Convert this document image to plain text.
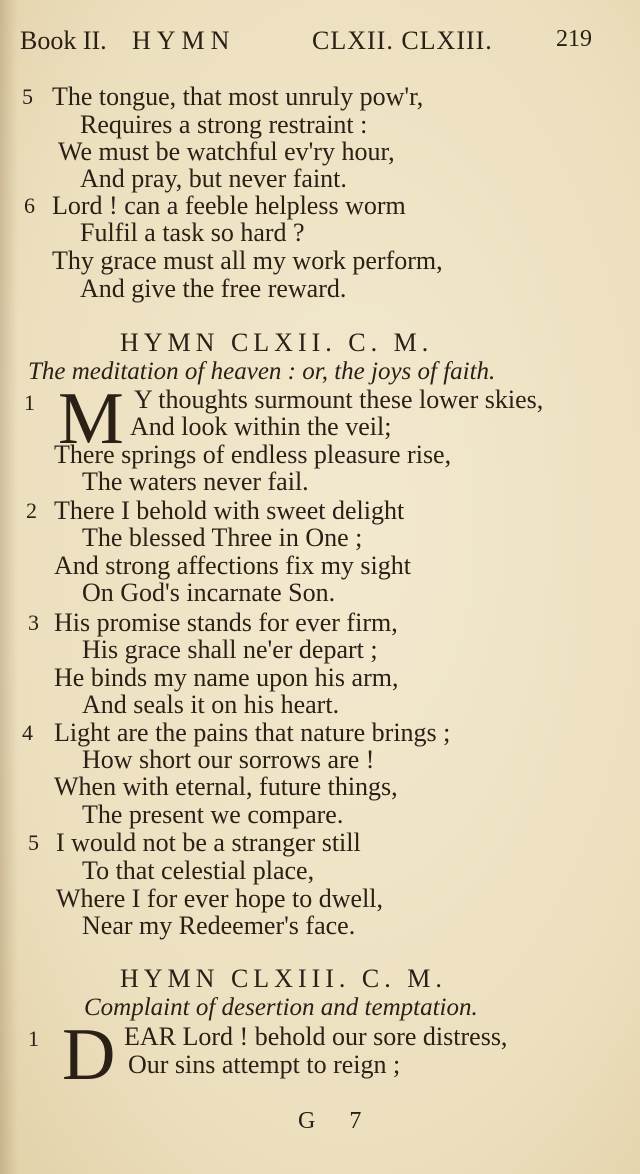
Book II. HYMN	CLXII. CLXIII.	219
5 The tongue, that most unruly pow'r,
Requires a strong restraint :
We must be watchful ev'ry hour,
And pray, but never faint.
6 Lord ! can a feeble helpless worm
Fulfil a task so hard ?
Thy grace must all my work perform,
And give the free reward.
HYMN CLXII. C. M.
The meditation of heaven : or, the joys of faith.
1 M Y thoughts surmount these lower skies,
And look within the veil;
There springs of endless pleasure rise,
The waters never fail.
2 There I behold with sweet delight
The blessed Three in One ;
And strong affections fix my sight
On God's incarnate Son.
3 His promise stands for ever firm,
His grace shall ne'er depart ;
He binds my name upon his arm,
And seals it on his heart.
4 Light are the pains that nature brings ;
How short our sorrows are !
When with eternal, future things,
The present we compare.
5 I would not be a stranger still
To that celestial place,
Where I for ever hope to dwell,
Near my Redeemer's face.
HYMN CLXIII. C. M.
Complaint of desertion and temptation.
1 D EAR Lord ! behold our sore distress,
Our sins attempt to reign ;
G 7
